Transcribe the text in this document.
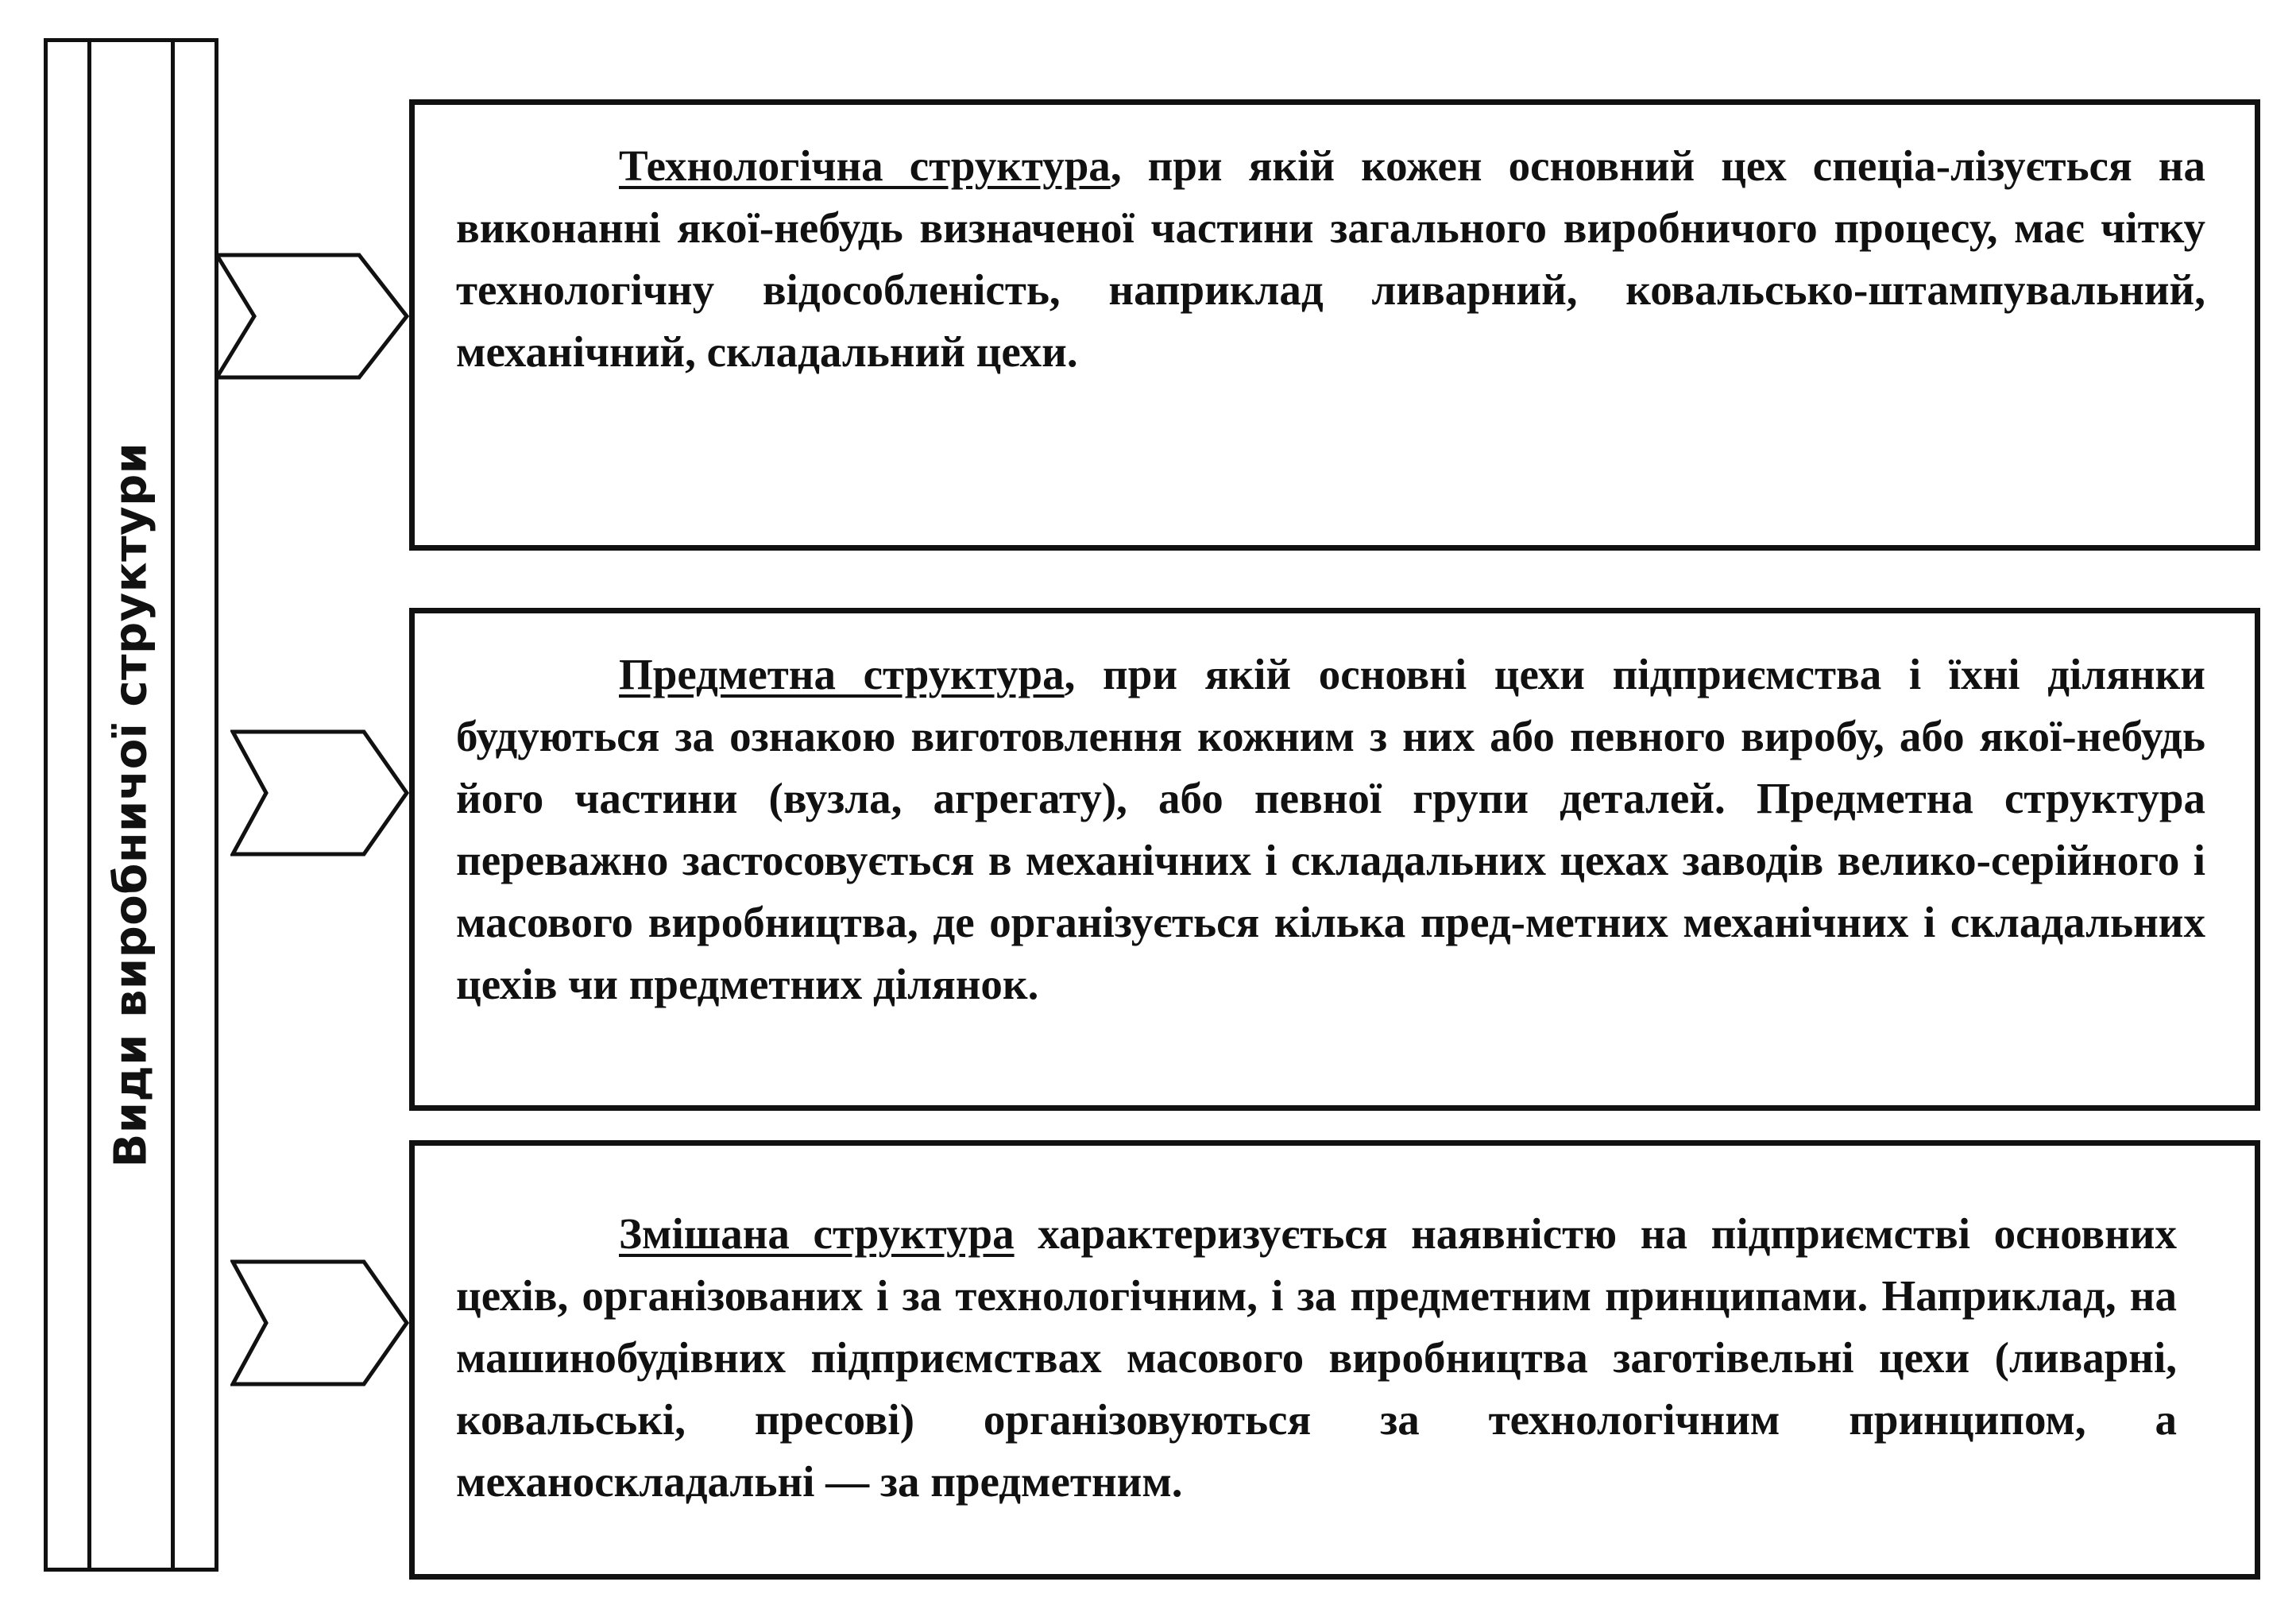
Види виробничої структури

Технологічна структура, при якій кожен основний цех спеціа-лізується на виконанні якої-небудь визначеної частини загального виробничого процесу, має чітку технологічну відособленість, наприклад ливарний, ковальсько-штампувальний, механічний, складальний цехи.

Предметна структура, при якій основні цехи підприємства і їхні ділянки будуються за ознакою виготовлення кожним з них або певного виробу, або якої-небудь його частини (вузла, агрегату), або певної групи деталей. Предметна структура переважно застосовується в механічних і складальних цехах заводів велико-серійного і масового виробництва, де організується кілька пред-метних механічних і складальних цехів чи предметних ділянок.

Змішана структура характеризується наявністю на підприємстві основних цехів, організованих і за технологічним, і за предметним принципами. Наприклад, на машинобудівних підприємствах масового виробництва заготівельні цехи (ливарні, ковальські, пресові) організовуються за технологічним принципом, а механоскладальні — за предметним.
